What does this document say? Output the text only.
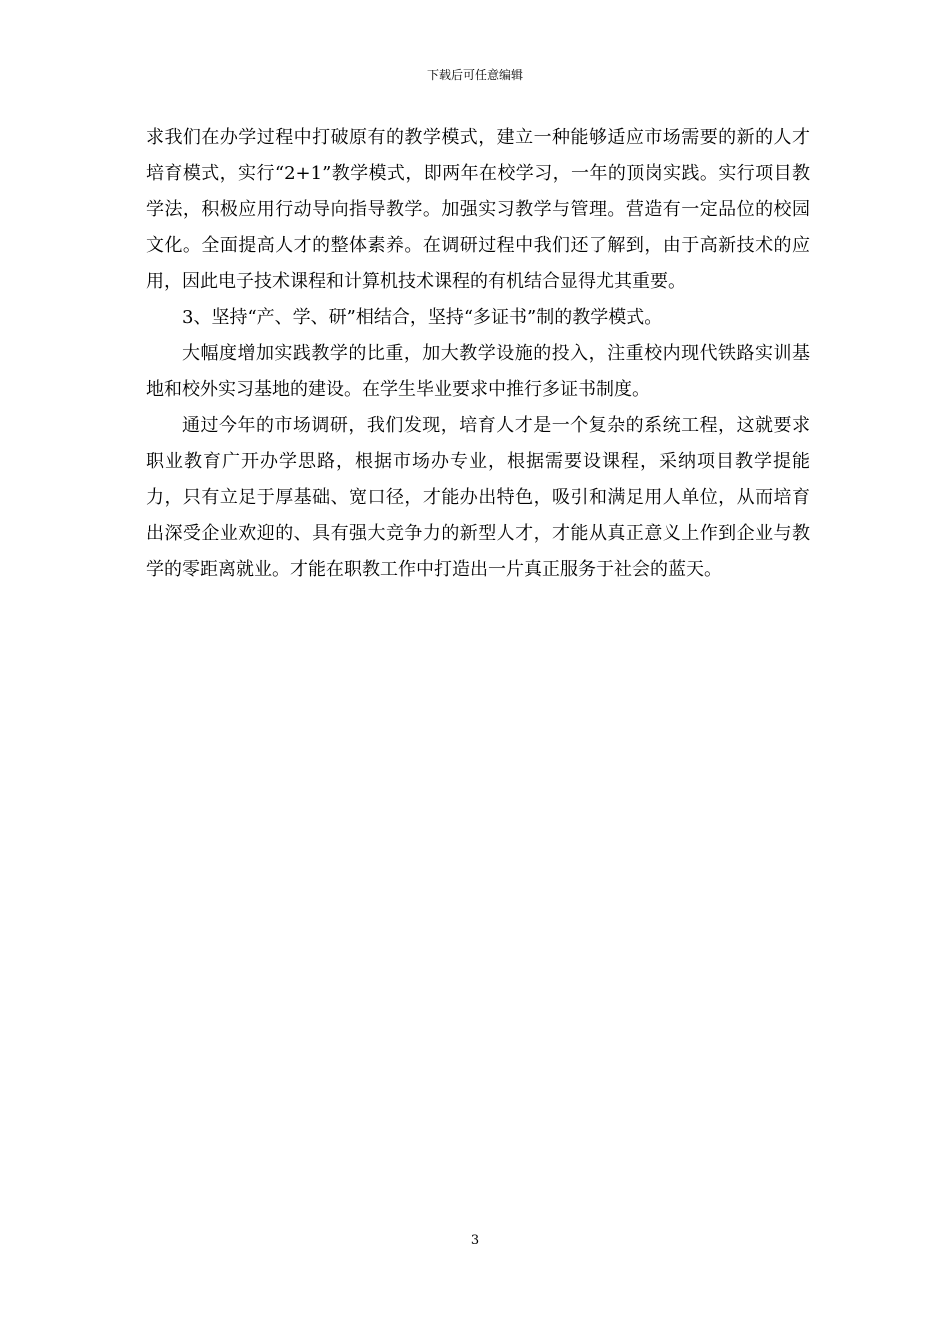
下载后可任意编辑

求我们在办学过程中打破原有的教学模式，建立一种能够适应市场需要的新的人才培育模式，实行“2+1”教学模式，即两年在校学习，一年的顶岗实践。实行项目教学法，积极应用行动导向指导教学。加强实习教学与管理。营造有一定品位的校园文化。全面提高人才的整体素养。在调研过程中我们还了解到，由于高新技术的应用，因此电子技术课程和计算机技术课程的有机结合显得尤其重要。

3、坚持“产、学、研”相结合，坚持“多证书”制的教学模式。

大幅度增加实践教学的比重，加大教学设施的投入，注重校内现代铁路实训基地和校外实习基地的建设。在学生毕业要求中推行多证书制度。

通过今年的市场调研，我们发现，培育人才是一个复杂的系统工程，这就要求职业教育广开办学思路，根据市场办专业，根据需要设课程，采纳项目教学提能力，只有立足于厚基础、宽口径，才能办出特色，吸引和满足用人单位，从而培育出深受企业欢迎的、具有强大竞争力的新型人才，才能从真正意义上作到企业与教学的零距离就业。才能在职教工作中打造出一片真正服务于社会的蓝天。

3
